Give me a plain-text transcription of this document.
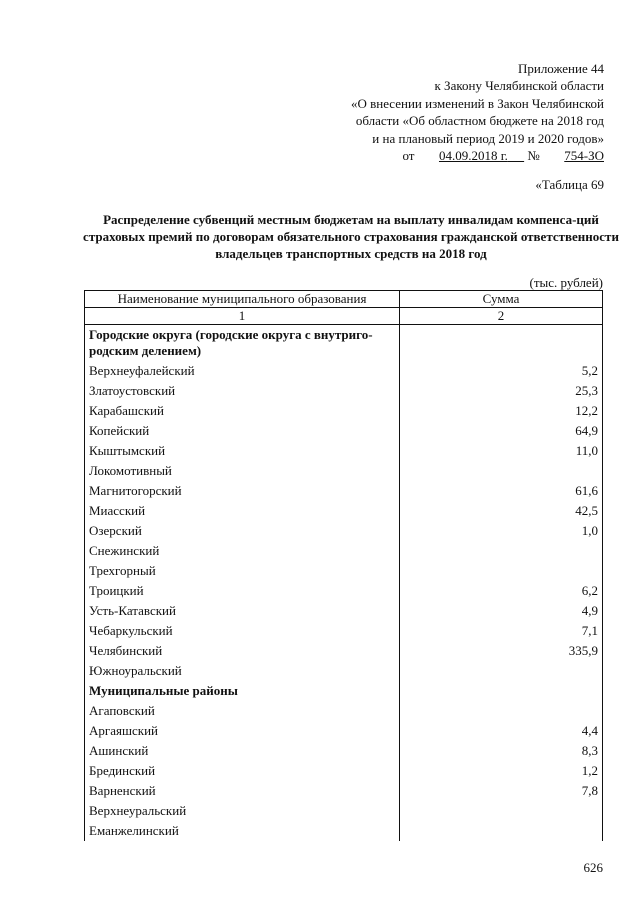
Приложение 44
к Закону Челябинской области
«О внесении изменений в Закон Челябинской
области «Об областном бюджете на 2018 год
и на плановый период 2019 и 2020 годов»
от 04.09.2018 г. № 754-ЗО
«Таблица 69
Распределение субвенций местным бюджетам на выплату инвалидам компенса-ций страховых премий по договорам обязательного страхования гражданской ответственности владельцев транспортных средств на 2018 год
(тыс. рублей)
Наименование муниципального образования	Сумма
1	2
Городские округа (городские округа с внутриго-родским делением)	
Верхнеуфалейский	5,2
Златоустовский	25,3
Карабашский	12,2
Копейский	64,9
Кыштымский	11,0
Локомотивный	
Магнитогорский	61,6
Миасский	42,5
Озерский	1,0
Снежинский	
Трехгорный	
Троицкий	6,2
Усть-Катавский	4,9
Чебаркульский	7,1
Челябинский	335,9
Южноуральский	
Муниципальные районы	
Агаповский	
Аргаяшский	4,4
Ашинский	8,3
Брединский	1,2
Варненский	7,8
Верхнеуральский	
Еманжелинский	
626
